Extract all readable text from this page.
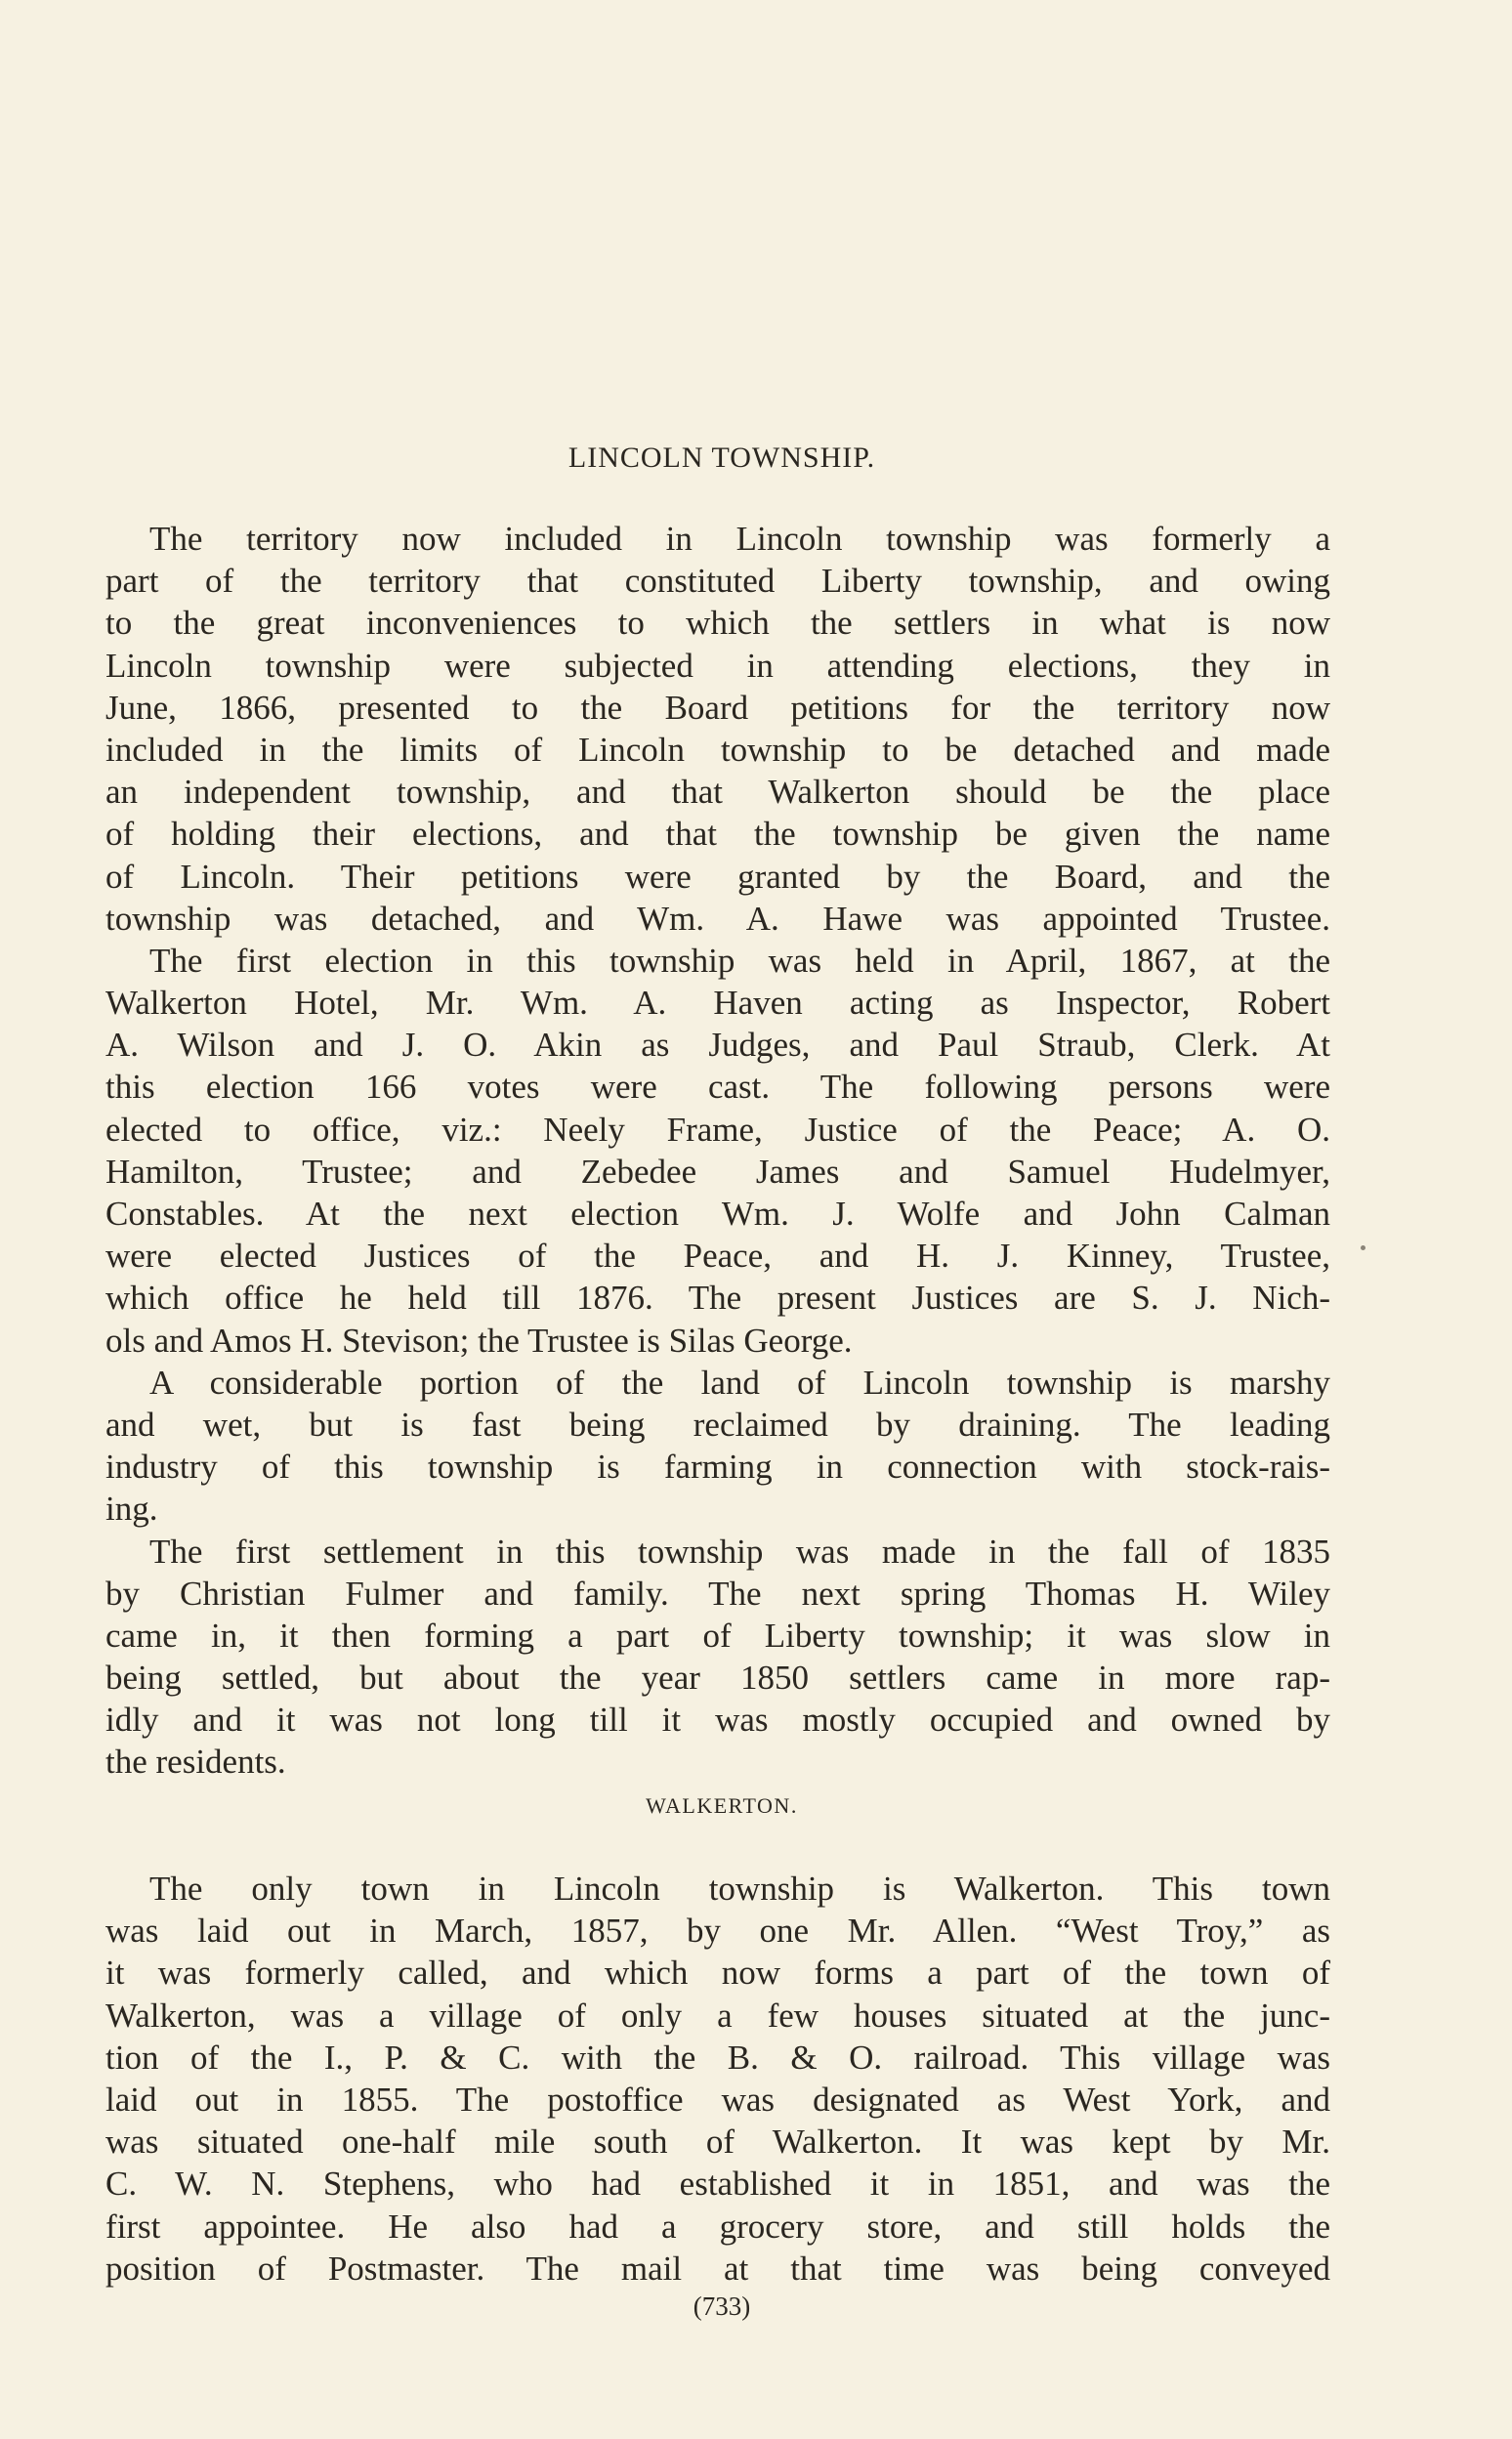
LINCOLN TOWNSHIP.
The territory now included in Lincoln township was formerly a
part of the territory that constituted Liberty township, and owing
to the great inconveniences to which the settlers in what is now
Lincoln township were subjected in attending elections, they in
June, 1866, presented to the Board petitions for the territory now
included in the limits of Lincoln township to be detached and made
an independent township, and that Walkerton should be the place
of holding their elections, and that the township be given the name
of Lincoln. Their petitions were granted by the Board, and the
township was detached, and Wm. A. Hawe was appointed Trustee.
The first election in this township was held in April, 1867, at the
Walkerton Hotel, Mr. Wm. A. Haven acting as Inspector, Robert
A. Wilson and J. O. Akin as Judges, and Paul Straub, Clerk. At
this election 166 votes were cast. The following persons were
elected to office, viz.: Neely Frame, Justice of the Peace; A. O.
Hamilton, Trustee; and Zebedee James and Samuel Hudelmyer,
Constables. At the next election Wm. J. Wolfe and John Calman
were elected Justices of the Peace, and H. J. Kinney, Trustee,
which office he held till 1876. The present Justices are S. J. Nich-
ols and Amos H. Stevison; the Trustee is Silas George.
A considerable portion of the land of Lincoln township is marshy
and wet, but is fast being reclaimed by draining. The leading
industry of this township is farming in connection with stock-rais-
ing.
The first settlement in this township was made in the fall of 1835
by Christian Fulmer and family. The next spring Thomas H. Wiley
came in, it then forming a part of Liberty township; it was slow in
being settled, but about the year 1850 settlers came in more rap-
idly and it was not long till it was mostly occupied and owned by
the residents.
WALKERTON.
The only town in Lincoln township is Walkerton. This town
was laid out in March, 1857, by one Mr. Allen. “West Troy,” as
it was formerly called, and which now forms a part of the town of
Walkerton, was a village of only a few houses situated at the junc-
tion of the I., P. & C. with the B. & O. railroad. This village was
laid out in 1855. The postoffice was designated as West York, and
was situated one-half mile south of Walkerton. It was kept by Mr.
C. W. N. Stephens, who had established it in 1851, and was the
first appointee. He also had a grocery store, and still holds the
position of Postmaster. The mail at that time was being conveyed
(733)
